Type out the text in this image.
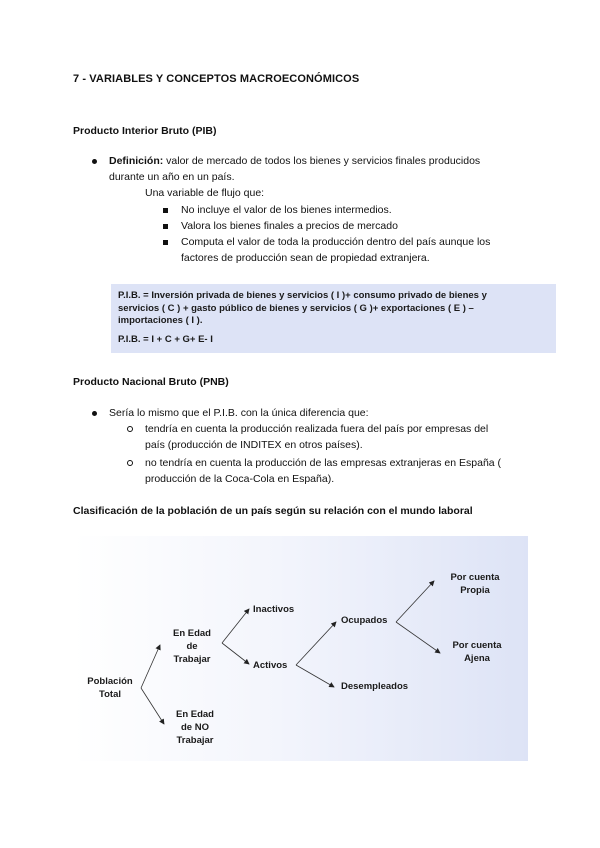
7 - VARIABLES Y CONCEPTOS MACROECONÓMICOS
Producto Interior Bruto (PIB)
Definición: valor de mercado de todos los bienes y servicios finales producidos
durante un año en un país.
Una variable de flujo que:
No incluye el valor de los bienes intermedios.
Valora los bienes finales a precios de mercado
Computa el valor de toda la producción dentro del país aunque los
factores de producción sean de propiedad extranjera.
P.I.B. = Inversión privada de bienes y servicios ( I )+ consumo privado de bienes y
servicios ( C ) + gasto público de bienes y servicios ( G )+ exportaciones ( E ) –
importaciones ( I ).
P.I.B. = I + C + G+ E- I
Producto Nacional Bruto (PNB)
Sería lo mismo que el P.I.B. con la única diferencia que:
tendría en cuenta la producción realizada fuera del país por empresas del
país (producción de INDITEX en otros países).
no tendría en cuenta la producción de las empresas extranjeras en España (
producción de la Coca-Cola en España).
Clasificación de la población de un país según su relación con el mundo laboral
Población
Total
En Edad
de
Trabajar
En Edad
de NO
Trabajar
Inactivos
Activos
Ocupados
Desempleados
Por cuenta
Propia
Por cuenta
Ajena
